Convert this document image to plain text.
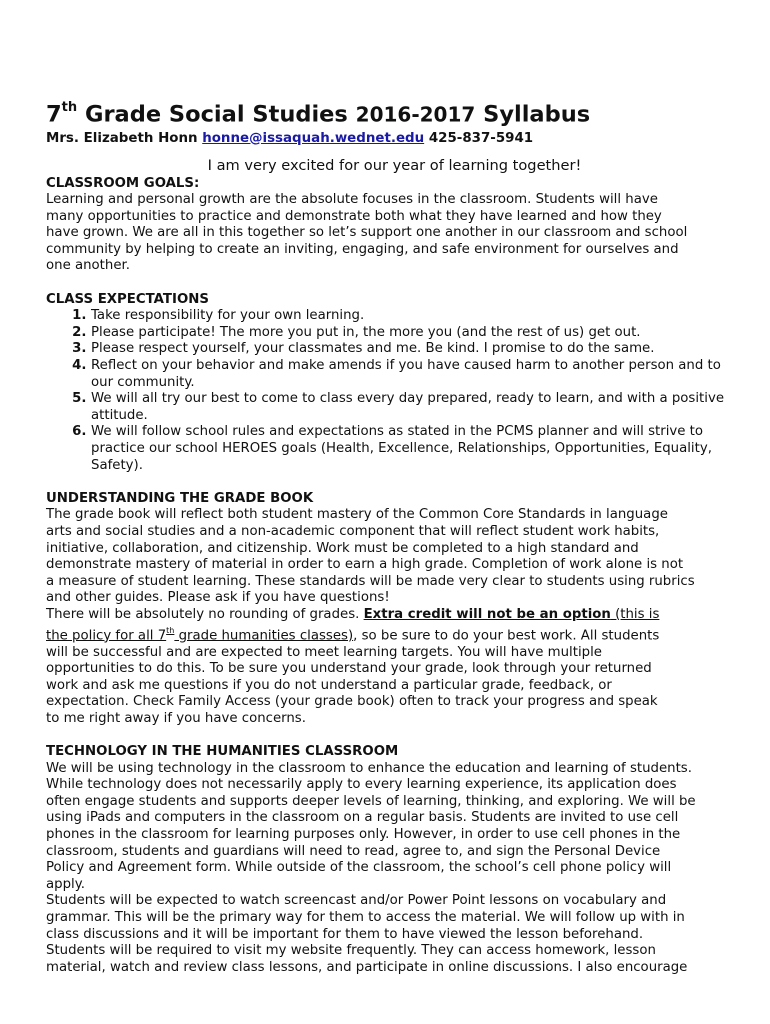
7th Grade Social Studies 2016-2017 Syllabus
Mrs. Elizabeth Honn honne@issaquah.wednet.edu 425-837-5941
I am very excited for our year of learning together!
CLASSROOM GOALS:
Learning and personal growth are the absolute focuses in the classroom. Students will have
many opportunities to practice and demonstrate both what they have learned and how they
have grown. We are all in this together so let’s support one another in our classroom and school
community by helping to create an inviting, engaging, and safe environment for ourselves and
one another.
CLASS EXPECTATIONS
1. Take responsibility for your own learning.
2. Please participate! The more you put in, the more you (and the rest of us) get out.
3. Please respect yourself, your classmates and me. Be kind. I promise to do the same.
4. Reflect on your behavior and make amends if you have caused harm to another person and to our community.
5. We will all try our best to come to class every day prepared, ready to learn, and with a positive attitude.
6. We will follow school rules and expectations as stated in the PCMS planner and will strive to practice our school HEROES goals (Health, Excellence, Relationships, Opportunities, Equality, Safety).
UNDERSTANDING THE GRADE BOOK
The grade book will reflect both student mastery of the Common Core Standards in language
arts and social studies and a non-academic component that will reflect student work habits,
initiative, collaboration, and citizenship. Work must be completed to a high standard and
demonstrate mastery of material in order to earn a high grade. Completion of work alone is not
a measure of student learning. These standards will be made very clear to students using rubrics
and other guides. Please ask if you have questions!
There will be absolutely no rounding of grades. Extra credit will not be an option (this is
the policy for all 7th grade humanities classes), so be sure to do your best work. All students
will be successful and are expected to meet learning targets. You will have multiple
opportunities to do this. To be sure you understand your grade, look through your returned
work and ask me questions if you do not understand a particular grade, feedback, or
expectation. Check Family Access (your grade book) often to track your progress and speak
to me right away if you have concerns.
TECHNOLOGY IN THE HUMANITIES CLASSROOM
We will be using technology in the classroom to enhance the education and learning of students.
While technology does not necessarily apply to every learning experience, its application does
often engage students and supports deeper levels of learning, thinking, and exploring. We will be
using iPads and computers in the classroom on a regular basis. Students are invited to use cell
phones in the classroom for learning purposes only. However, in order to use cell phones in the
classroom, students and guardians will need to read, agree to, and sign the Personal Device
Policy and Agreement form. While outside of the classroom, the school’s cell phone policy will
apply.
Students will be expected to watch screencast and/or Power Point lessons on vocabulary and
grammar. This will be the primary way for them to access the material. We will follow up with in
class discussions and it will be important for them to have viewed the lesson beforehand.
Students will be required to visit my website frequently. They can access homework, lesson
material, watch and review class lessons, and participate in online discussions. I also encourage
